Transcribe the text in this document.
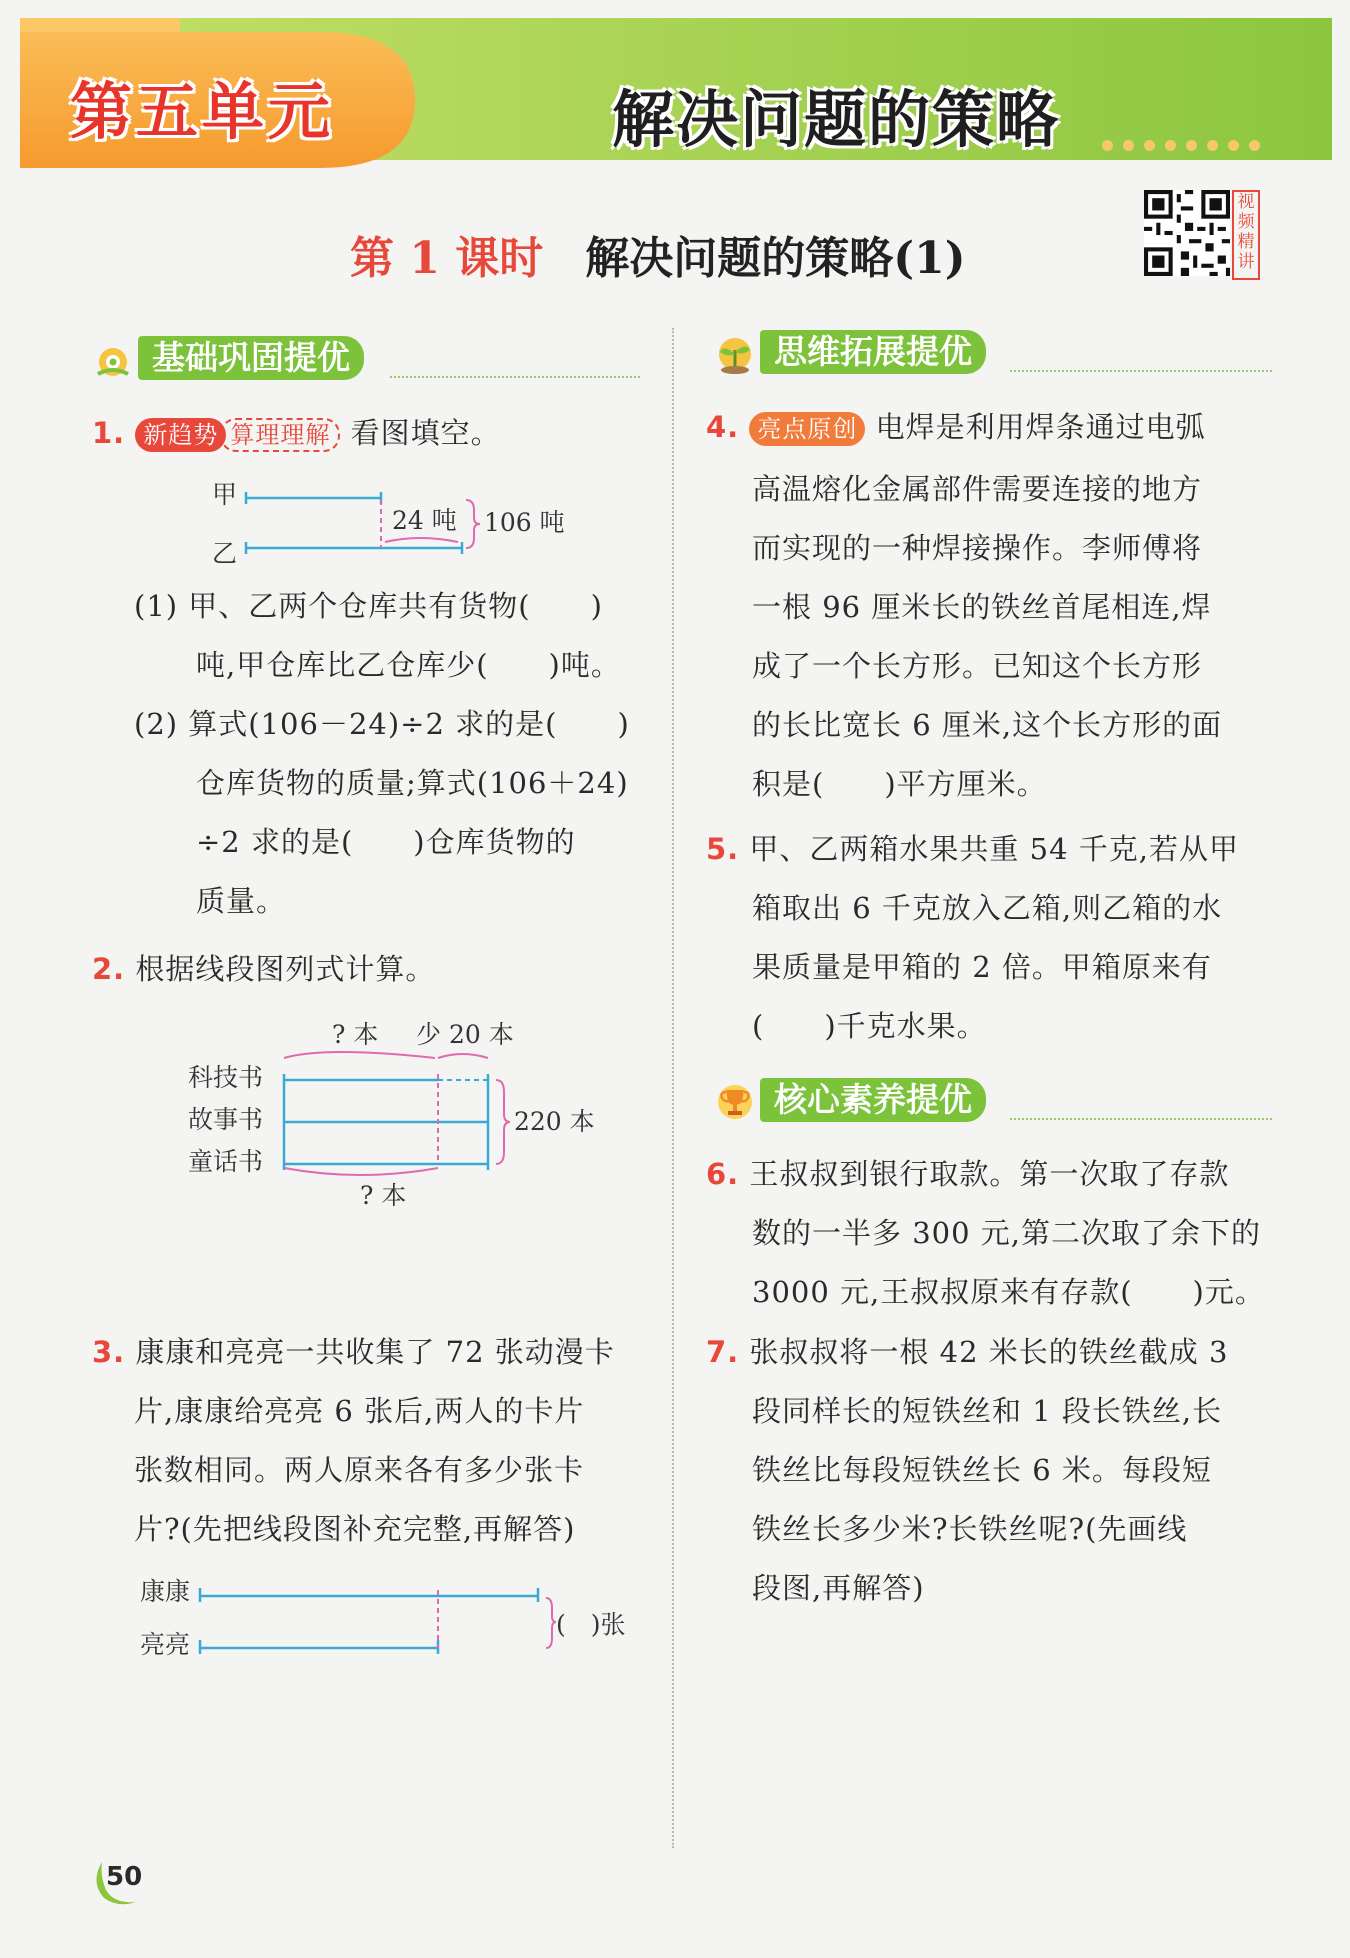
第五单元	解决问题的策略
第 1 课时 解决问题的策略(1)
视频精讲
基础巩固提优
1. 新趋势 算理理解 看图填空。
甲
乙
24 吨 106 吨
(1) 甲、乙两个仓库共有货物(　　)
吨,甲仓库比乙仓库少(　　)吨。
(2) 算式(106－24)÷2 求的是(　　)
仓库货物的质量;算式(106＋24)
÷2 求的是(　　)仓库货物的
质量。
2. 根据线段图列式计算。
? 本 少 20 本
科技书
故事书
童话书
220 本
? 本
3. 康康和亮亮一共收集了 72 张动漫卡
片,康康给亮亮 6 张后,两人的卡片
张数相同。两人原来各有多少张卡
片?(先把线段图补充完整,再解答)
康康
亮亮
(　)张
思维拓展提优
4. 亮点原创 电焊是利用焊条通过电弧
高温熔化金属部件需要连接的地方
而实现的一种焊接操作。李师傅将
一根 96 厘米长的铁丝首尾相连,焊
成了一个长方形。已知这个长方形
的长比宽长 6 厘米,这个长方形的面
积是(　　)平方厘米。
5. 甲、乙两箱水果共重 54 千克,若从甲
箱取出 6 千克放入乙箱,则乙箱的水
果质量是甲箱的 2 倍。甲箱原来有
(　　)千克水果。
核心素养提优
6. 王叔叔到银行取款。第一次取了存款
数的一半多 300 元,第二次取了余下的
3000 元,王叔叔原来有存款(　　)元。
7. 张叔叔将一根 42 米长的铁丝截成 3
段同样长的短铁丝和 1 段长铁丝,长
铁丝比每段短铁丝长 6 米。每段短
铁丝长多少米?长铁丝呢?(先画线
段图,再解答)
50
